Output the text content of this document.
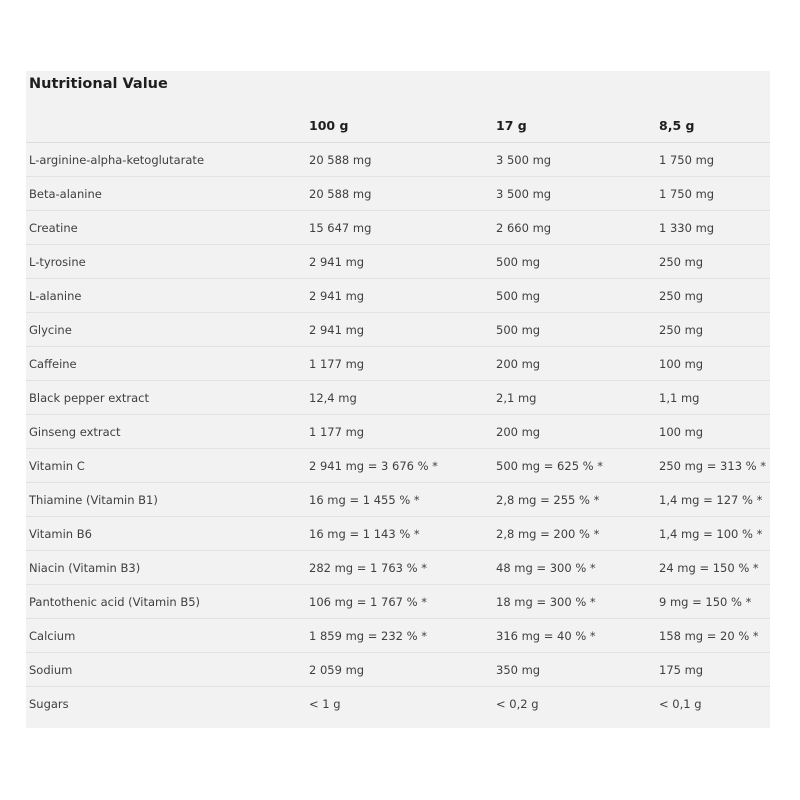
Nutritional Value
	100 g	17 g	8,5 g
L-arginine-alpha-ketoglutarate	20 588 mg	3 500 mg	1 750 mg
Beta-alanine	20 588 mg	3 500 mg	1 750 mg
Creatine	15 647 mg	2 660 mg	1 330 mg
L-tyrosine	2 941 mg	500 mg	250 mg
L-alanine	2 941 mg	500 mg	250 mg
Glycine	2 941 mg	500 mg	250 mg
Caffeine	1 177 mg	200 mg	100 mg
Black pepper extract	12,4 mg	2,1 mg	1,1 mg
Ginseng extract	1 177 mg	200 mg	100 mg
Vitamin C	2 941 mg = 3 676 % *	500 mg = 625 % *	250 mg = 313 % *
Thiamine (Vitamin B1)	16 mg = 1 455 % *	2,8 mg = 255 % *	1,4 mg = 127 % *
Vitamin B6	16 mg = 1 143 % *	2,8 mg = 200 % *	1,4 mg = 100 % *
Niacin (Vitamin B3)	282 mg = 1 763 % *	48 mg = 300 % *	24 mg = 150 % *
Pantothenic acid (Vitamin B5)	106 mg = 1 767 % *	18 mg = 300 % *	9 mg = 150 % *
Calcium	1 859 mg = 232 % *	316 mg = 40 % *	158 mg = 20 % *
Sodium	2 059 mg	350 mg	175 mg
Sugars	< 1 g	< 0,2 g	< 0,1 g
